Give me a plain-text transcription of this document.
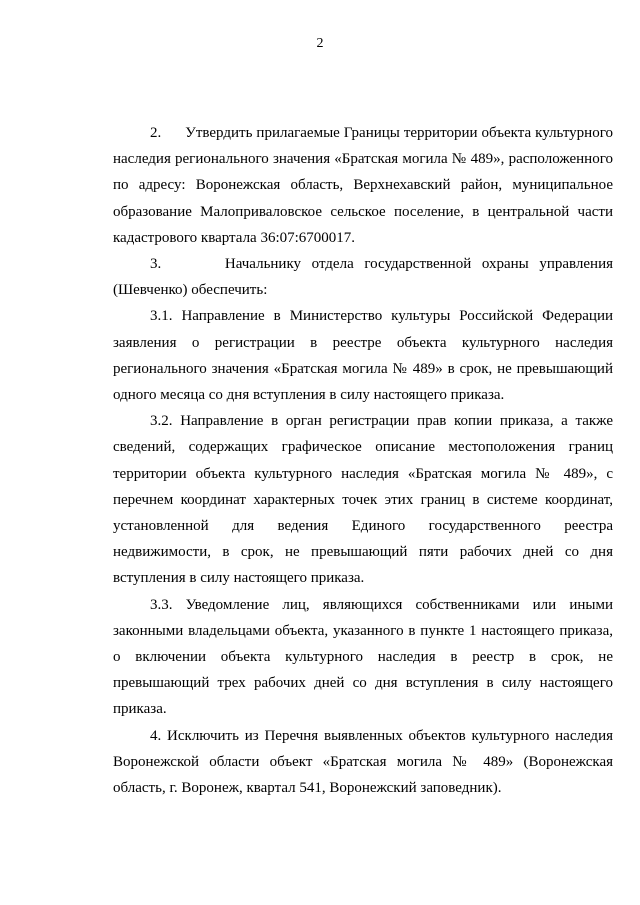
2

2.      Утвердить прилагаемые Границы территории объекта культурного наследия регионального значения «Братская могила № 489», расположенного по адресу: Воронежская область, Верхнехавский район, муниципальное образование Малоприваловское сельское поселение, в центральной части кадастрового квартала 36:07:6700017.

3.      Начальнику отдела государственной охраны управления (Шевченко) обеспечить:

3.1. Направление в Министерство культуры Российской Федерации заявления о регистрации в реестре объекта культурного наследия регионального значения «Братская могила № 489» в срок, не превышающий одного месяца со дня вступления в силу настоящего приказа.

3.2. Направление в орган регистрации прав копии приказа, а также сведений, содержащих графическое описание местоположения границ территории объекта культурного наследия «Братская могила № 489», с перечнем координат характерных точек этих границ в системе координат, установленной для ведения Единого государственного реестра недвижимости, в срок, не превышающий пяти рабочих дней со дня вступления в силу настоящего приказа.

3.3. Уведомление лиц, являющихся собственниками или иными законными владельцами объекта, указанного в пункте 1 настоящего приказа, о включении объекта культурного наследия в реестр в срок, не превышающий трех рабочих дней со дня вступления в силу настоящего приказа.

4. Исключить из Перечня выявленных объектов культурного наследия Воронежской области объект «Братская могила № 489» (Воронежская область, г. Воронеж, квартал 541, Воронежский заповедник).
